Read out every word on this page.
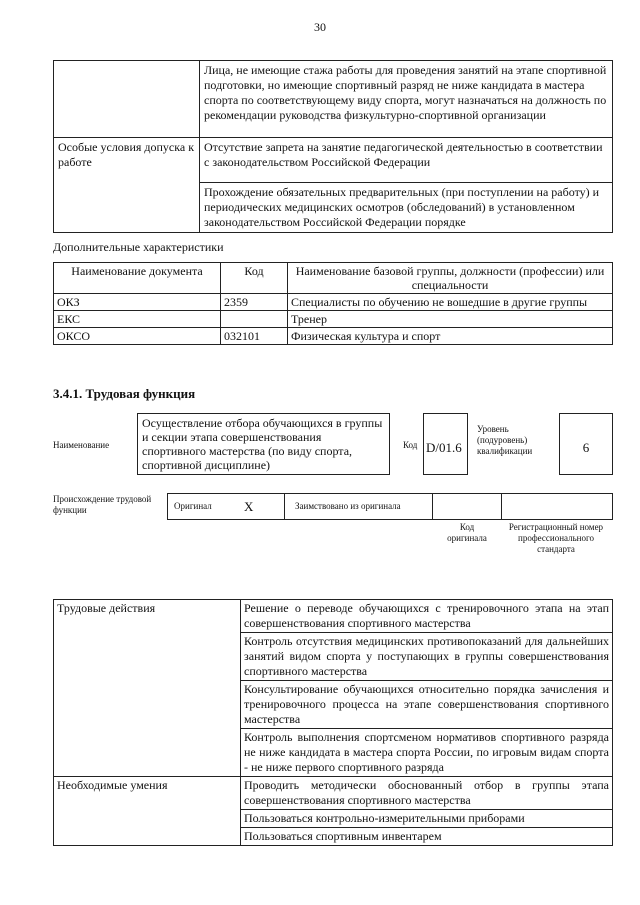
30
	Лица, не имеющие стажа работы для проведения занятий на этапе спортивной подготовки, но имеющие спортивный разряд не ниже кандидата в мастера спорта по соответствующему виду спорта, могут назначаться на должность по рекомендации руководства физкультурно-спортивной организации
Особые условия допуска к работе	Отсутствие запрета на занятие педагогической деятельностью в соответствии с законодательством Российской Федерации
	Прохождение обязательных предварительных (при поступлении на работу) и периодических медицинских осмотров (обследований) в установленном законодательством Российской Федерации порядке
Дополнительные характеристики
Наименование документа	Код	Наименование базовой группы, должности (профессии) или специальности
ОКЗ	2359	Специалисты по обучению не вошедшие в другие группы
ЕКС		Тренер
ОКСО	032101	Физическая культура и спорт
3.4.1. Трудовая функция
Наименование
Осуществление отбора обучающихся в группы и секции этапа совершенствования спортивного мастерства (по виду спорта, спортивной дисциплине)
Код D/01.6
Уровень (подуровень) квалификации	6
Происхождение трудовой функции	Оригинал X	Заимствовано из оригинала
Код оригинала
Регистрационный номер профессионального стандарта
Трудовые действия	Решение о переводе обучающихся с тренировочного этапа на этап совершенствования спортивного мастерства
	Контроль отсутствия медицинских противопоказаний для дальнейших занятий видом спорта у поступающих в группы совершенствования спортивного мастерства
	Консультирование обучающихся относительно порядка зачисления и тренировочного процесса на этапе совершенствования спортивного мастерства
	Контроль выполнения спортсменом нормативов спортивного разряда не ниже кандидата в мастера спорта России, по игровым видам спорта - не ниже первого спортивного разряда
Необходимые умения	Проводить методически обоснованный отбор в группы этапа совершенствования спортивного мастерства
	Пользоваться контрольно-измерительными приборами
	Пользоваться спортивным инвентарем
